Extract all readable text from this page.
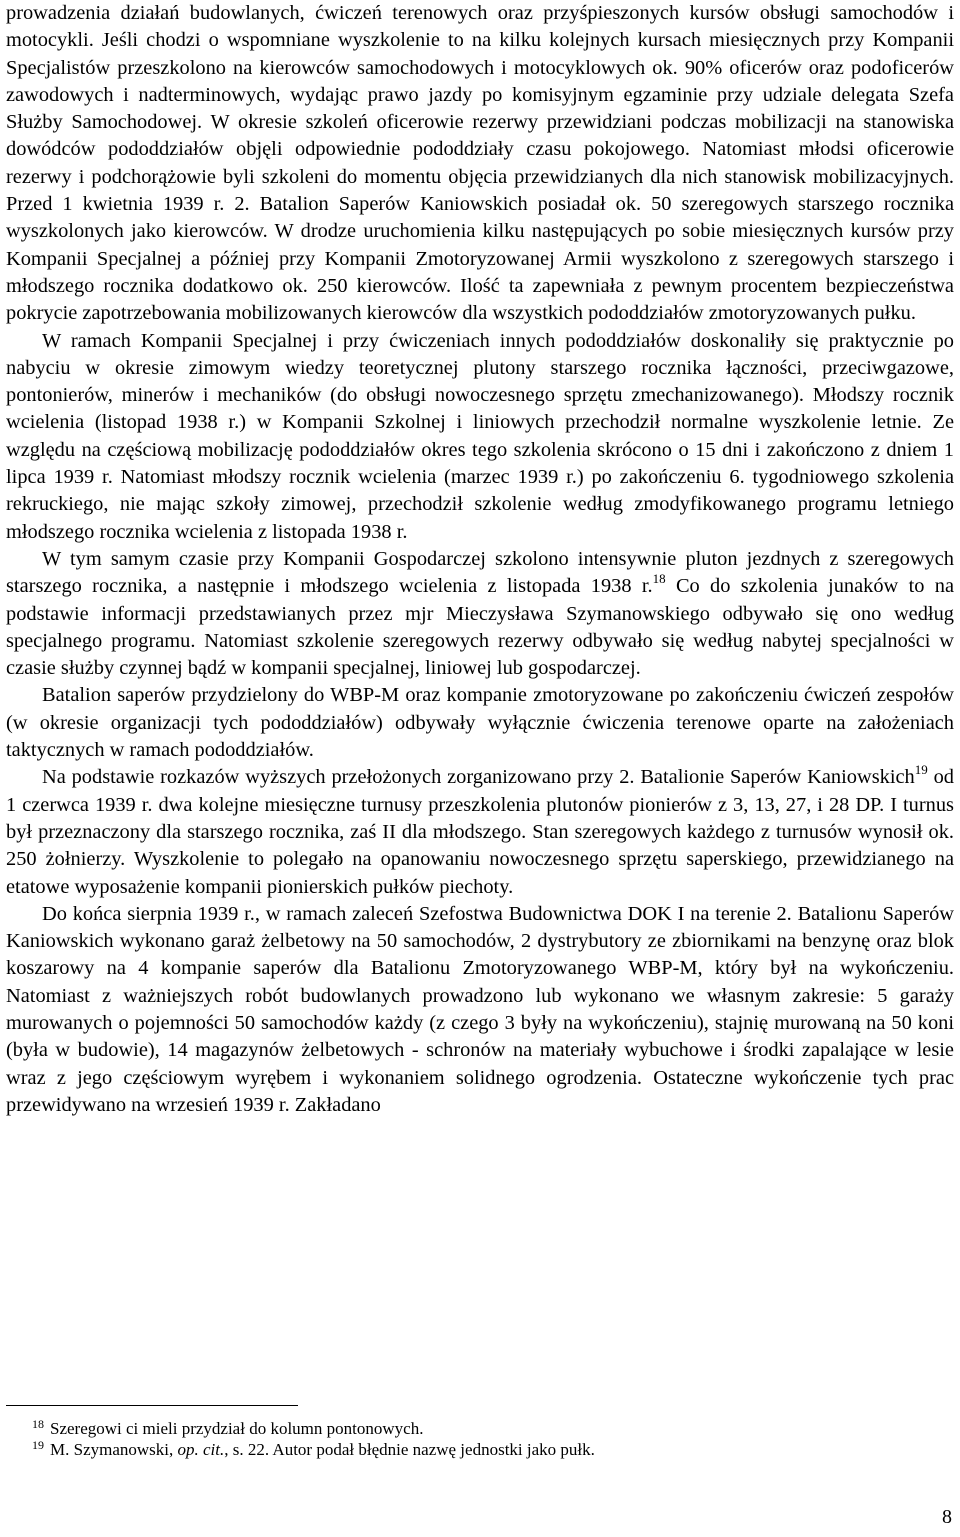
prowadzenia działań budowlanych, ćwiczeń terenowych oraz przyśpieszonych kursów obsługi samochodów i motocykli. Jeśli chodzi o wspomniane wyszkolenie to na kilku kolejnych kursach miesięcznych przy Kompanii Specjalistów przeszkolono na kierowców samochodowych i motocyklowych ok. 90% oficerów oraz podoficerów zawodowych i nadterminowych, wydając prawo jazdy po komisyjnym egzaminie przy udziale delegata Szefa Służby Samochodowej. W okresie szkoleń oficerowie rezerwy przewidziani podczas mobilizacji na stanowiska dowódców pododdziałów objęli odpowiednie pododdziały czasu pokojowego. Natomiast młodsi oficerowie rezerwy i podchorążowie byli szkoleni do momentu objęcia przewidzianych dla nich stanowisk mobilizacyjnych. Przed 1 kwietnia 1939 r. 2. Batalion Saperów Kaniowskich posiadał ok. 50 szeregowych starszego rocznika wyszkolonych jako kierowców. W drodze uruchomienia kilku następujących po sobie miesięcznych kursów przy Kompanii Specjalnej a później przy Kompanii Zmotoryzowanej Armii wyszkolono z szeregowych starszego i młodszego rocznika dodatkowo ok. 250 kierowców. Ilość ta zapewniała z pewnym procentem bezpieczeństwa pokrycie zapotrzebowania mobilizowanych kierowców dla wszystkich pododdziałów zmotoryzowanych pułku.

W ramach Kompanii Specjalnej i przy ćwiczeniach innych pododdziałów doskonaliły się praktycznie po nabyciu w okresie zimowym wiedzy teoretycznej plutony starszego rocznika łączności, przeciwgazowe, pontonierów, minerów i mechaników (do obsługi nowoczesnego sprzętu zmechanizowanego). Młodszy rocznik wcielenia (listopad 1938 r.) w Kompanii Szkolnej i liniowych przechodził normalne wyszkolenie letnie. Ze względu na częściową mobilizację pododdziałów okres tego szkolenia skrócono o 15 dni i zakończono z dniem 1 lipca 1939 r. Natomiast młodszy rocznik wcielenia (marzec 1939 r.) po zakończeniu 6. tygodniowego szkolenia rekruckiego, nie mając szkoły zimowej, przechodził szkolenie według zmodyfikowanego programu letniego młodszego rocznika wcielenia z listopada 1938 r.

W tym samym czasie przy Kompanii Gospodarczej szkolono intensywnie pluton jezdnych z szeregowych starszego rocznika, a następnie i młodszego wcielenia z listopada 1938 r.$^{18}$ Co do szkolenia junaków to na podstawie informacji przedstawianych przez mjr Mieczysława Szymanowskiego odbywało się ono według specjalnego programu. Natomiast szkolenie szeregowych rezerwy odbywało się według nabytej specjalności w czasie służby czynnej bądź w kompanii specjalnej, liniowej lub gospodarczej.

Batalion saperów przydzielony do WBP-M oraz kompanie zmotoryzowane po zakończeniu ćwiczeń zespołów (w okresie organizacji tych pododdziałów) odbywały wyłącznie ćwiczenia terenowe oparte na założeniach taktycznych w ramach pododdziałów.

Na podstawie rozkazów wyższych przełożonych zorganizowano przy 2. Batalionie Saperów Kaniowskich$^{19}$ od 1 czerwca 1939 r. dwa kolejne miesięczne turnusy przeszkolenia plutonów pionierów z 3, 13, 27, i 28 DP. I turnus był przeznaczony dla starszego rocznika, zaś II dla młodszego. Stan szeregowych każdego z turnusów wynosił ok. 250 żołnierzy. Wyszkolenie to polegało na opanowaniu nowoczesnego sprzętu saperskiego, przewidzianego na etatowe wyposażenie kompanii pionierskich pułków piechoty.

Do końca sierpnia 1939 r., w ramach zaleceń Szefostwa Budownictwa DOK I na terenie 2. Batalionu Saperów Kaniowskich wykonano garaż żelbetowy na 50 samochodów, 2 dystrybutory ze zbiornikami na benzynę oraz blok koszarowy na 4 kompanie saperów dla Batalionu Zmotoryzowanego WBP-M, który był na wykończeniu. Natomiast z ważniejszych robót budowlanych prowadzono lub wykonano we własnym zakresie: 5 garaży murowanych o pojemności 50 samochodów każdy (z czego 3 były na wykończeniu), stajnię murowaną na 50 koni (była w budowie), 14 magazynów żelbetowych - schronów na materiały wybuchowe i środki zapalające w lesie wraz z jego częściowym wyrębem i wykonaniem solidnego ogrodzenia. Ostateczne wykończenie tych prac przewidywano na wrzesień 1939 r. Zakładano

18 Szeregowi ci mieli przydział do kolumn pontonowych.

19 M. Szymanowski, op. cit., s. 22. Autor podał błędnie nazwę jednostki jako pułk.

8
